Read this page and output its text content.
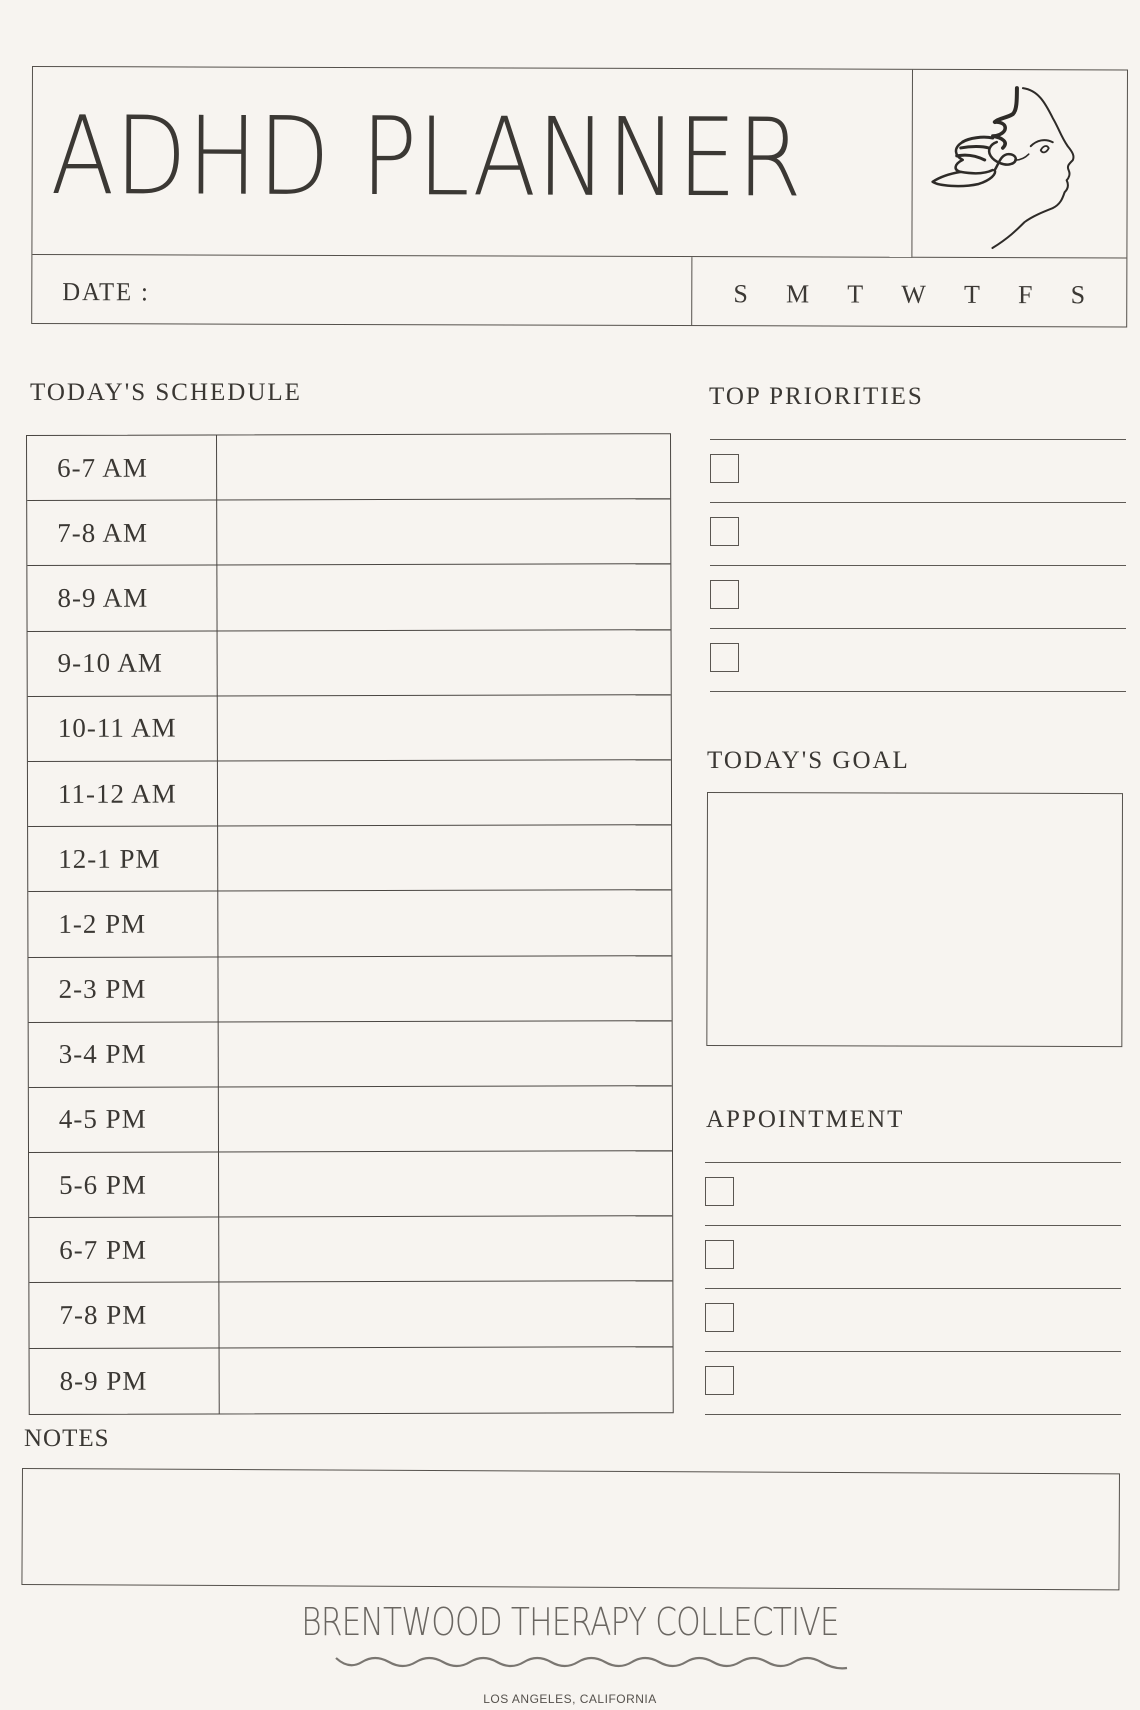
ADHD PLANNER
DATE :	S M T W T F S
TODAY'S SCHEDULE
6-7 AM
7-8 AM
8-9 AM
9-10 AM
10-11 AM
11-12 AM
12-1 PM
1-2 PM
2-3 PM
3-4 PM
4-5 PM
5-6 PM
6-7 PM
7-8 PM
8-9 PM
TOP PRIORITIES
TODAY'S GOAL
APPOINTMENT
NOTES
BRENTWOOD THERAPY COLLECTIVE
LOS ANGELES, CALIFORNIA
